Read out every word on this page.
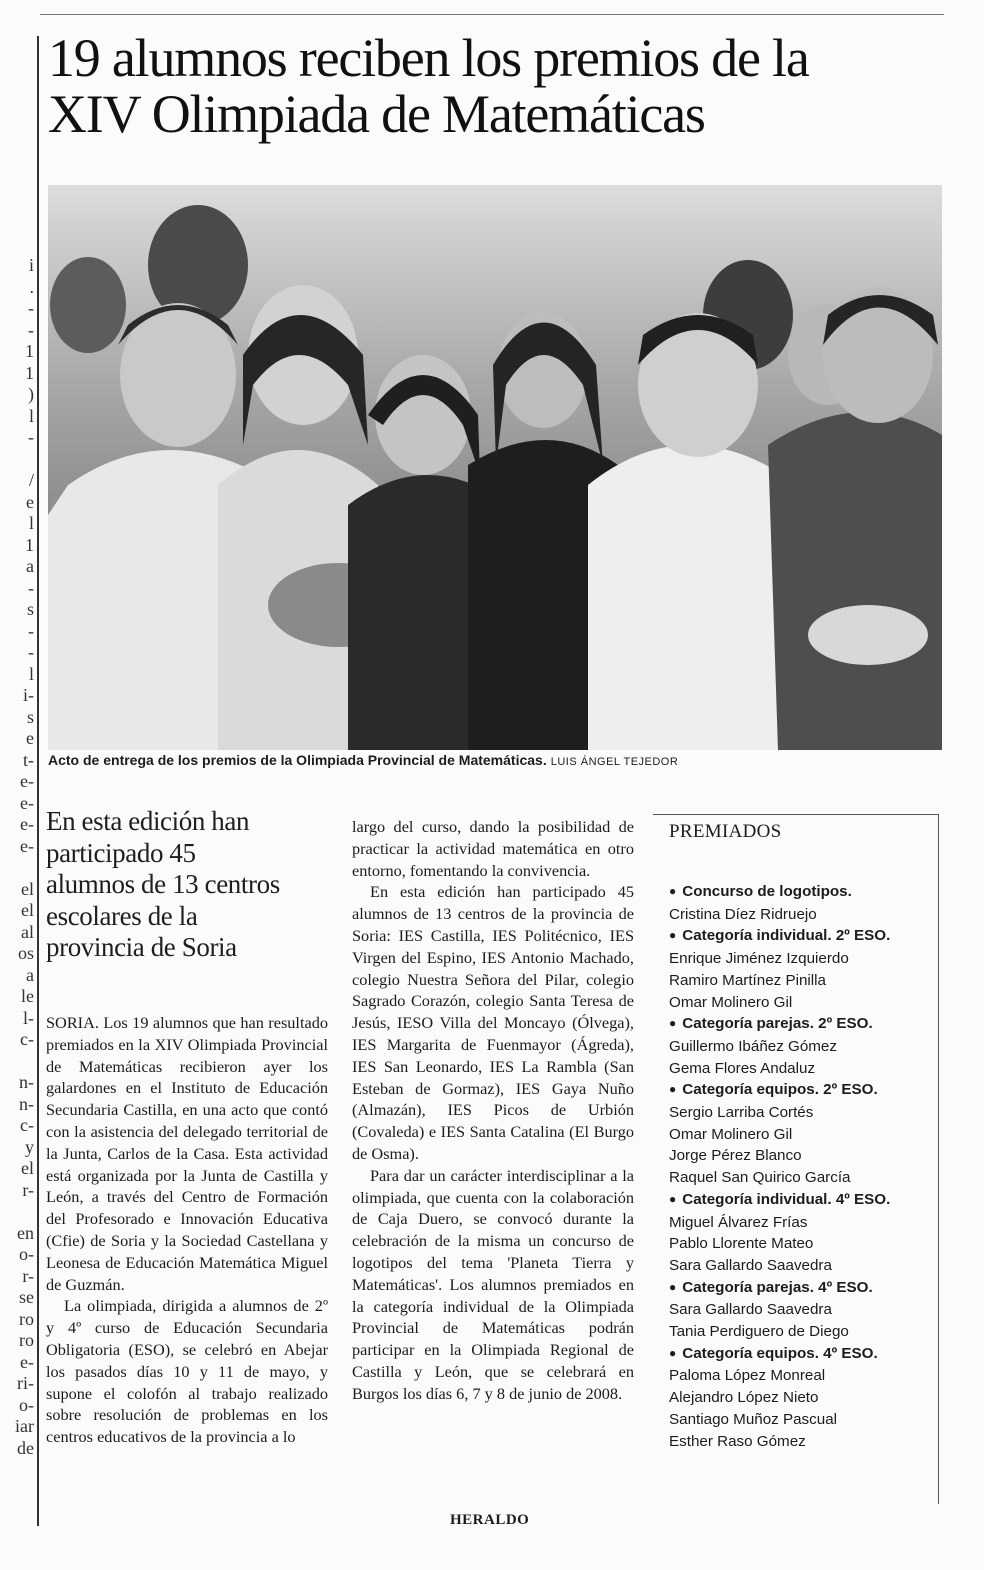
i
.
-
-
1
1
)
l
-
/
e
l
1
a
-
s
-
-
l
i-
s
e
t-
e-
e-
e-
e-
el
el
al
os
a
le
l-
c-
n-
n-
c-
y
el
r-
en
o-
r-
se
ro
ro
e-
ri-
o-
iar
de
19 alumnos reciben los premios de la
XIV Olimpiada de Matemáticas
Acto de entrega de los premios de la Olimpiada Provincial de Matemáticas. LUIS ÁNGEL TEJEDOR
En esta edición han participado 45 alumnos de 13 centros escolares de la provincia de Soria

SORIA. Los 19 alumnos que han resultado premiados en la XIV Olimpiada Provincial de Matemáticas recibieron ayer los galardones en el Instituto de Educación Secundaria Castilla, en una acto que contó con la asistencia del delegado territorial de la Junta, Carlos de la Casa. Esta actividad está organizada por la Junta de Castilla y León, a través del Centro de Formación del Profesorado e Innovación Educativa (Cfie) de Soria y la Sociedad Castellana y Leonesa de Educación Matemática Miguel de Guzmán.

La olimpiada, dirigida a alumnos de 2º y 4º curso de Educación Secundaria Obligatoria (ESO), se celebró en Abejar los pasados días 10 y 11 de mayo, y supone el colofón al trabajo realizado sobre resolución de problemas en los centros educativos de la provincia a lo

largo del curso, dando la posibilidad de practicar la actividad matemática en otro entorno, fomentando la convivencia.

En esta edición han participado 45 alumnos de 13 centros de la provincia de Soria: IES Castilla, IES Politécnico, IES Virgen del Espino, IES Antonio Machado, colegio Nuestra Señora del Pilar, colegio Sagrado Corazón, colegio Santa Teresa de Jesús, IESO Villa del Moncayo (Ólvega), IES Margarita de Fuenmayor (Ágreda), IES San Leonardo, IES La Rambla (San Esteban de Gormaz), IES Gaya Nuño (Almazán), IES Picos de Urbión (Covaleda) e IES Santa Catalina (El Burgo de Osma).

Para dar un carácter interdisciplinar a la olimpiada, que cuenta con la colaboración de Caja Duero, se convocó durante la celebración de la misma un concurso de logotipos del tema 'Planeta Tierra y Matemáticas'. Los alumnos premiados en la categoría individual de la Olimpiada Provincial de Matemáticas podrán participar en la Olimpiada Regional de Castilla y León, que se celebrará en Burgos los días 6, 7 y 8 de junio de 2008.

PREMIADOS
● Concurso de logotipos.
Cristina Díez Ridruejo
● Categoría individual. 2º ESO.
Enrique Jiménez Izquierdo
Ramiro Martínez Pinilla
Omar Molinero Gil
● Categoría parejas. 2º ESO.
Guillermo Ibáñez Gómez
Gema Flores Andaluz
● Categoría equipos. 2º ESO.
Sergio Larriba Cortés
Omar Molinero Gil
Jorge Pérez Blanco
Raquel San Quirico García
● Categoría individual. 4º ESO.
Miguel Álvarez Frías
Pablo Llorente Mateo
Sara Gallardo Saavedra
● Categoría parejas. 4º ESO.
Sara Gallardo Saavedra
Tania Perdiguero de Diego
● Categoría equipos. 4º ESO.
Paloma López Monreal
Alejandro López Nieto
Santiago Muñoz Pascual
Esther Raso Gómez
HERALDO
